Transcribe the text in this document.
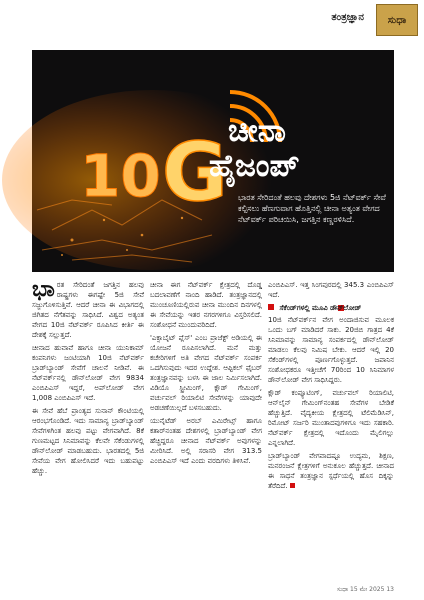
ತಂತ್ರಜ್ಞಾನ ಸುಧಾ
10 G ಚೀನಾ
ಹೈಜಂಪ್
ಭಾರತ ಸೇರಿದಂತೆ ಹಲವು ದೇಶಗಳು 5ಜಿ ನೆಟ್‌ವರ್ಕ್ ಸೇವೆ ಕಲ್ಪಿಸಲು ಹೆಣಗುವಾಗ ಹೊತ್ತಿನಲ್ಲಿ ಚೀನಾ ಅತ್ಯಂತ ವೇಗದ ನೆಟ್‌ವರ್ಕ್ ಪರಿಚಯಿಸಿ, ಜಗತ್ತಿನ ಕಣ್ಣರಳಿಸಿದೆ.
ಶಶಿಕುಮಾರ್ ಸಿ.

ಭಾರತ ಸೇರಿದಂತೆ ಜಗತ್ತಿನ ಹಲವು ರಾಷ್ಟ್ರಗಳು ಈಗಷ್ಟೇ 5ಜಿ ಸೇವೆ ಸಜ್ಜುಗೊಳಿಸುತ್ತಿವೆ. ಆದರೆ ಚೀನಾ ಈ ವಿಭಾಗದಲ್ಲಿ ಜಿಗಿತದ ನೆಗೆತವನ್ನು ಸಾಧಿಸಿದೆ. ವಿಶ್ವದ ಅತ್ಯಂತ ವೇಗದ 10ಜಿ ನೆಟ್‌ವರ್ಕ್ ರೂಪಿಸಿದ ಕೀರ್ತಿ ಈ ದೇಶಕ್ಕೆ ಸಲ್ಲುತ್ತದೆ.

ಚೀನಾದ ಹುವಾವೆ ಹಾಗೂ ಚೀನಾ ಯುನಿಕಾಮ್ ಕಂಪನಿಗಳು ಜಂಟಿಯಾಗಿ 10ಜಿ ನೆಟ್‌ವರ್ಕ್ ಬ್ರಾಡ್‌ಬ್ಯಾಂಡ್ ಸೇವೆಗೆ ಚಾಲನೆ ನೀಡಿವೆ. ಈ ನೆಟ್‌ವರ್ಕ್‌ನಲ್ಲಿ ಡೌನ್‌ಲೋಡ್ ವೇಗ 9834 ಎಂಬಿಪಿಎಸ್ ಇದ್ದರೆ, ಅಪ್‌ಲೋಡ್ ವೇಗ 1,008 ಎಂಬಿಪಿಎಸ್ ಇದೆ.

ಈ ಸೇವೆ ಹೆಬೆ ಪ್ರಾಂತ್ಯದ ಸುನಾನ್ ಕೌಂಟಿಯಲ್ಲಿ ಆರಂಭಗೊಂಡಿದೆ. ಇದು ಸಾಮಾನ್ಯ ಬ್ರಾಡ್‌ಬ್ಯಾಂಡ್ ಸೇವೆಗಳಿಗಿಂತ ಹಲವು ಪಟ್ಟು ವೇಗವಾಗಿದೆ. 8ಕೆ ಗುಣಮಟ್ಟದ ಸಿನಿಮಾವನ್ನು ಕೆಲವೇ ಸೆಕೆಂಡುಗಳಲ್ಲಿ ಡೌನ್‌ಲೋಡ್ ಮಾಡಬಹುದು. ಭಾರತದಲ್ಲಿ 5ಜಿ ಸೇವೆಯ ವೇಗ ಹೋಲಿಸಿದರೆ ಇದು ಬಹುಪಟ್ಟು ಹೆಚ್ಚು.

ಚೀನಾ ಈಗ ನೆಟ್‌ವರ್ಕ್ ಕ್ಷೇತ್ರದಲ್ಲಿ ದೊಡ್ಡ ಬದಲಾವಣೆಗೆ ನಾಂದಿ ಹಾಡಿದೆ. ತಂತ್ರಜ್ಞಾನದಲ್ಲಿ ಮುಂಚೂಣಿಯಲ್ಲಿರುವ ಚೀನಾ ಮುಂದಿನ ದಿನಗಳಲ್ಲಿ ಈ ಸೇವೆಯನ್ನು ಇತರ ನಗರಗಳಿಗೂ ವಿಸ್ತರಿಸಲಿದೆ. ಸಂಶೋಧನೆ ಮುಂದುವರಿದಿದೆ.

'ಎಕ್ಸಾಬೈಟ್ ಪ್ಲೆಸ್' ಎಂಬ ಪ್ರಾಜೆಕ್ಟ್ ಅಡಿಯಲ್ಲಿ ಈ ಯೋಜನೆ ರೂಪಿಸಲಾಗಿದೆ. ಮನೆ ಮತ್ತು ಕಚೇರಿಗಳಿಗೆ ಅತಿ ವೇಗದ ನೆಟ್‌ವರ್ಕ್ ಸಂಪರ್ಕ ಒದಗಿಸುವುದು ಇದರ ಉದ್ದೇಶ. ಆಪ್ಟಿಕಲ್ ಫೈಬರ್ ತಂತ್ರಜ್ಞಾನವನ್ನು ಬಳಸಿ ಈ ಜಾಲ ನಿರ್ಮಿಸಲಾಗಿದೆ. ವಿಡಿಯೊ ಸ್ಟ್ರೀಮಿಂಗ್, ಕ್ಲೌಡ್ ಗೇಮಿಂಗ್, ವರ್ಚುವಲ್ ರಿಯಾಲಿಟಿ ಸೇವೆಗಳನ್ನು ಯಾವುದೇ ಅಡಚಣೆಯಿಲ್ಲದೆ ಬಳಸಬಹುದು.

ಯುನೈಟೆಡ್ ಅರಬ್ ಎಮಿರೇಟ್ಸ್ ಹಾಗೂ ಕತಾರ್‌ನಂತಹ ದೇಶಗಳಲ್ಲಿ ಬ್ರಾಡ್‌ಬ್ಯಾಂಡ್ ವೇಗ ಹೆಚ್ಚಿದ್ದರೂ ಚೀನಾದ ನೆಟ್‌ವರ್ಕ್ ಅವುಗಳನ್ನು ಮೀರಿಸಿದೆ. ಅಲ್ಲಿ ಸರಾಸರಿ ವೇಗ 313.5 ಎಂಬಿಪಿಎಸ್ ಇದೆ ಎಂದು ವರದಿಗಳು ತಿಳಿಸಿವೆ.

ಎಂಬಿಪಿಎಸ್. ಇತ್ತ ಸಿಂಗಪುರದಲ್ಲಿ 345.3 ಎಂಬಿಪಿಎಸ್ ಇದೆ.

ಸೆಕೆಂಡ್‌ಗಳಲ್ಲಿ ಮೂವಿ ಡೌನ್‌ಲೋಡ್

10ಜಿ ನೆಟ್‌ವರ್ಕ್‌ನ ವೇಗ ಅಂದಾಜಿಸುವ ಮೂಲಕ ಒಂದು ಬಗ್ ಮಾಡಿದರೆ ಸಾಕು. 20ಜಿಬಿ ಗಾತ್ರದ 4ಕೆ ಸಿನಿಮಾವನ್ನು ಸಾಮಾನ್ಯ ಸಂಪರ್ಕದಲ್ಲಿ ಡೌನ್‌ಲೋಡ್ ಮಾಡಲು ಕೆಲವು ನಿಮಿಷ ಬೇಕು. ಆದರೆ ಇಲ್ಲಿ 20 ಸೆಕೆಂಡ್‌ಗಳಲ್ಲಿ ಪೂರ್ಣಗೊಳ್ಳುತ್ತದೆ. ಜಪಾನಿನ ಸಂಶೋಧಕರೂ ಇತ್ತೀಚೆಗೆ 70ರಿಂದ 10 ಸಿನಿಮಾಗಳ ಡೌನ್‌ಲೋಡ್ ವೇಗ ಸಾಧಿಸಿದ್ದರು.

ಕ್ಲೌಡ್ ಕಂಪ್ಯೂಟಿಂಗ್, ವರ್ಚುವಲ್ ರಿಯಾಲಿಟಿ, ಆನ್‌ಲೈನ್ ಗೇಮಿಂಗ್‌ನಂತಹ ಸೇವೆಗಳ ಬೇಡಿಕೆ ಹೆಚ್ಚುತ್ತಿದೆ. ವೈದ್ಯಕೀಯ ಕ್ಷೇತ್ರದಲ್ಲಿ ಟೆಲಿಮೆಡಿಸಿನ್, ರಿಮೋಟ್ ಸರ್ಜರಿ ಮುಂತಾದವುಗಳಿಗೂ ಇದು ಸಹಕಾರಿ. ನೆಟ್‌ವರ್ಕ್ ಕ್ಷೇತ್ರದಲ್ಲಿ ಇದೊಂದು ಮೈಲಿಗಲ್ಲು ಎನ್ನಲಾಗಿದೆ.

ಬ್ರಾಡ್‌ಬ್ಯಾಂಡ್ ವೇಗವಾದಷ್ಟೂ ಉದ್ಯಮ, ಶಿಕ್ಷಣ, ಮನರಂಜನೆ ಕ್ಷೇತ್ರಗಳಿಗೆ ಅನುಕೂಲ ಹೆಚ್ಚುತ್ತದೆ. ಚೀನಾದ ಈ ಸಾಧನೆ ತಂತ್ರಜ್ಞಾನ ಸ್ಪರ್ಧೆಯಲ್ಲಿ ಹೊಸ ದಿಕ್ಕನ್ನು ತೆರೆದಿದೆ.

ಸುಧಾ 15 ಮೇ 2025 13
